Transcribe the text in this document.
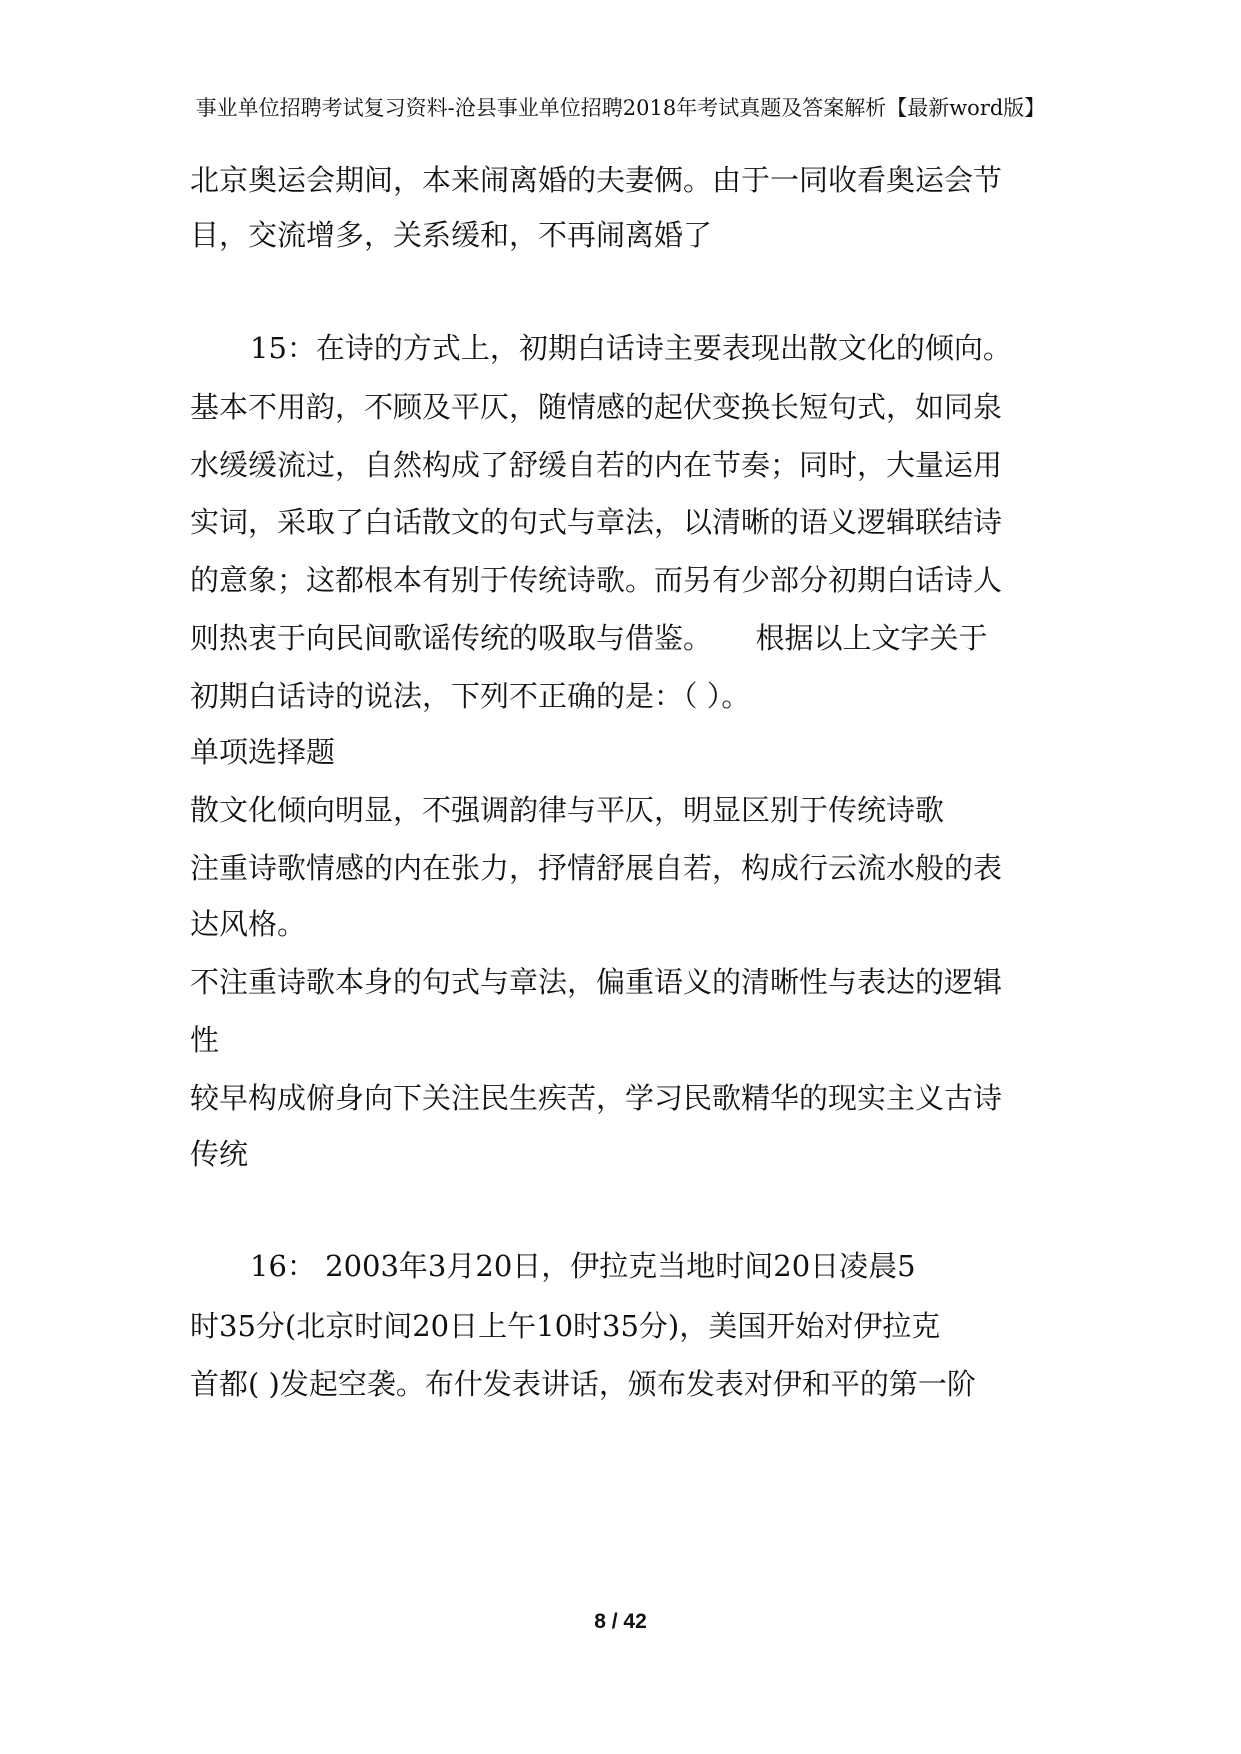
事业单位招聘考试复习资料-沧县事业单位招聘2018年考试真题及答案解析【最新word版】
北京奥运会期间，本来闹离婚的夫妻俩。由于一同收看奥运会节
目，交流增多，关系缓和，不再闹离婚了
15：在诗的方式上，初期白话诗主要表现出散文化的倾向。
基本不用韵，不顾及平仄，随情感的起伏变换长短句式，如同泉
水缓缓流过，自然构成了舒缓自若的内在节奏；同时，大量运用
实词，采取了白话散文的句式与章法，以清晰的语义逻辑联结诗
的意象；这都根本有别于传统诗歌。而另有少部分初期白话诗人
则热衷于向民间歌谣传统的吸取与借鉴。　　根据以上文字关于
初期白话诗的说法，下列不正确的是：（ ）。
单项选择题
散文化倾向明显，不强调韵律与平仄，明显区别于传统诗歌
注重诗歌情感的内在张力，抒情舒展自若，构成行云流水般的表
达风格。
不注重诗歌本身的句式与章法，偏重语义的清晰性与表达的逻辑
性
较早构成俯身向下关注民生疾苦，学习民歌精华的现实主义古诗
传统
16： 2003年3月20日，伊拉克当地时间20日凌晨5
时35分(北京时间20日上午10时35分)，美国开始对伊拉克
首都( )发起空袭。布什发表讲话，颁布发表对伊和平的第一阶
8 / 42
